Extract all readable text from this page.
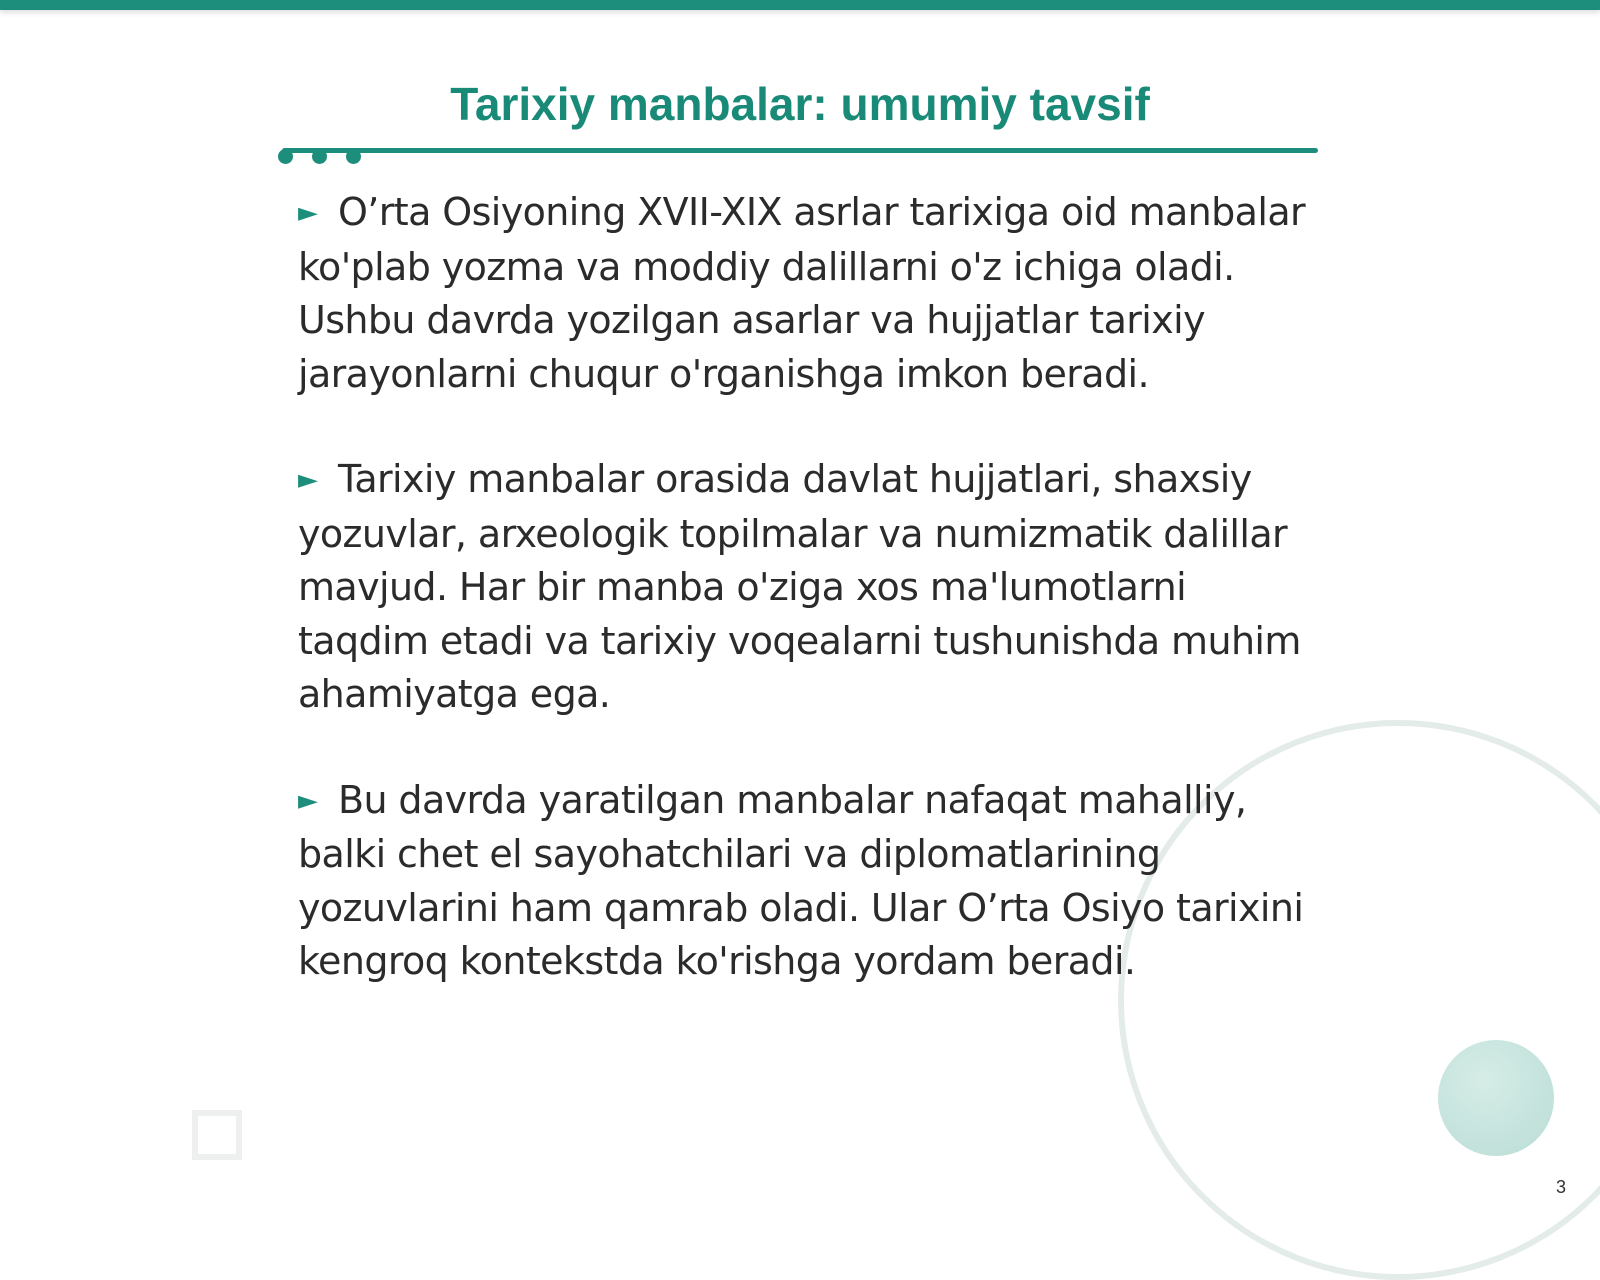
Tarixiy manbalar: umumiy tavsif

► O’rta Osiyoning XVII-XIX asrlar tarixiga oid manbalar ko'plab yozma va moddiy dalillarni o'z ichiga oladi. Ushbu davrda yozilgan asarlar va hujjatlar tarixiy jarayonlarni chuqur o'rganishga imkon beradi.

► Tarixiy manbalar orasida davlat hujjatlari, shaxsiy yozuvlar, arxeologik topilmalar va numizmatik dalillar mavjud. Har bir manba o'ziga xos ma'lumotlarni taqdim etadi va tarixiy voqealarni tushunishda muhim ahamiyatga ega.

► Bu davrda yaratilgan manbalar nafaqat mahalliy, balki chet el sayohatchilari va diplomatlarining yozuvlarini ham qamrab oladi. Ular O’rta Osiyo tarixini kengroq kontekstda ko'rishga yordam beradi.

3
